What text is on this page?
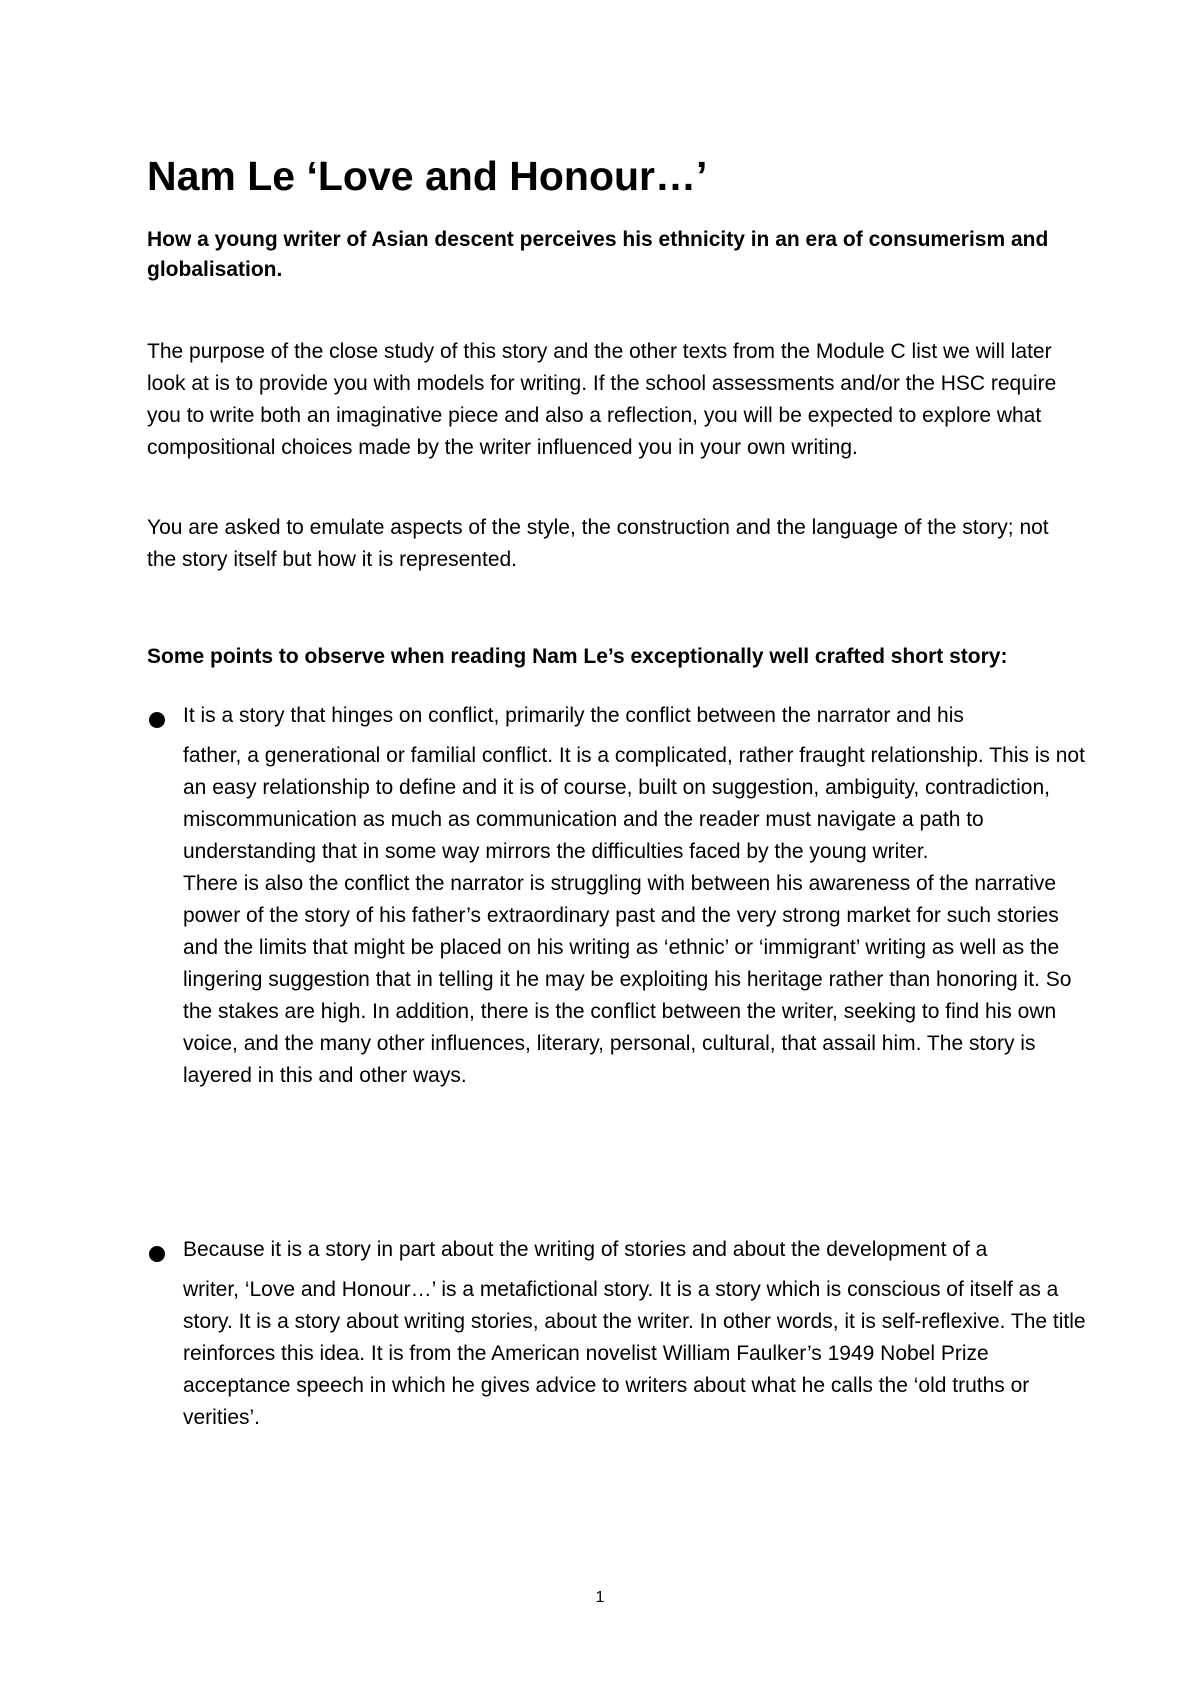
Nam Le ‘Love and Honour…’

How a young writer of Asian descent perceives his ethnicity in an era of consumerism and globalisation.

The purpose of the close study of this story and the other texts from the Module C list we will later look at is to provide you with models for writing. If the school assessments and/or the HSC require you to write both an imaginative piece and also a reflection, you will be expected to explore what compositional choices made by the writer influenced you in your own writing.

You are asked to emulate aspects of the style, the construction and the language of the story; not the story itself but how it is represented.

Some points to observe when reading Nam Le’s exceptionally well crafted short story:

It is a story that hinges on conflict, primarily the conflict between the narrator and his
father, a generational or familial conflict. It is a complicated, rather fraught relationship. This is not an easy relationship to define and it is of course, built on suggestion, ambiguity, contradiction, miscommunication as much as communication and the reader must navigate a path to understanding that in some way mirrors the difficulties faced by the young writer.
There is also the conflict the narrator is struggling with between his awareness of the narrative power of the story of his father’s extraordinary past and the very strong market for such stories and the limits that might be placed on his writing as ‘ethnic’ or ‘immigrant’ writing as well as the lingering suggestion that in telling it he may be exploiting his heritage rather than honoring it. So the stakes are high. In addition, there is the conflict between the writer, seeking to find his own voice, and the many other influences, literary, personal, cultural, that assail him. The story is layered in this and other ways.

Because it is a story in part about the writing of stories and about the development of a
writer, ‘Love and Honour…’ is a metafictional story. It is a story which is conscious of itself as a story. It is a story about writing stories, about the writer. In other words, it is self-reflexive. The title reinforces this idea. It is from the American novelist William Faulker’s 1949 Nobel Prize acceptance speech in which he gives advice to writers about what he calls the ‘old truths or verities’.

1
